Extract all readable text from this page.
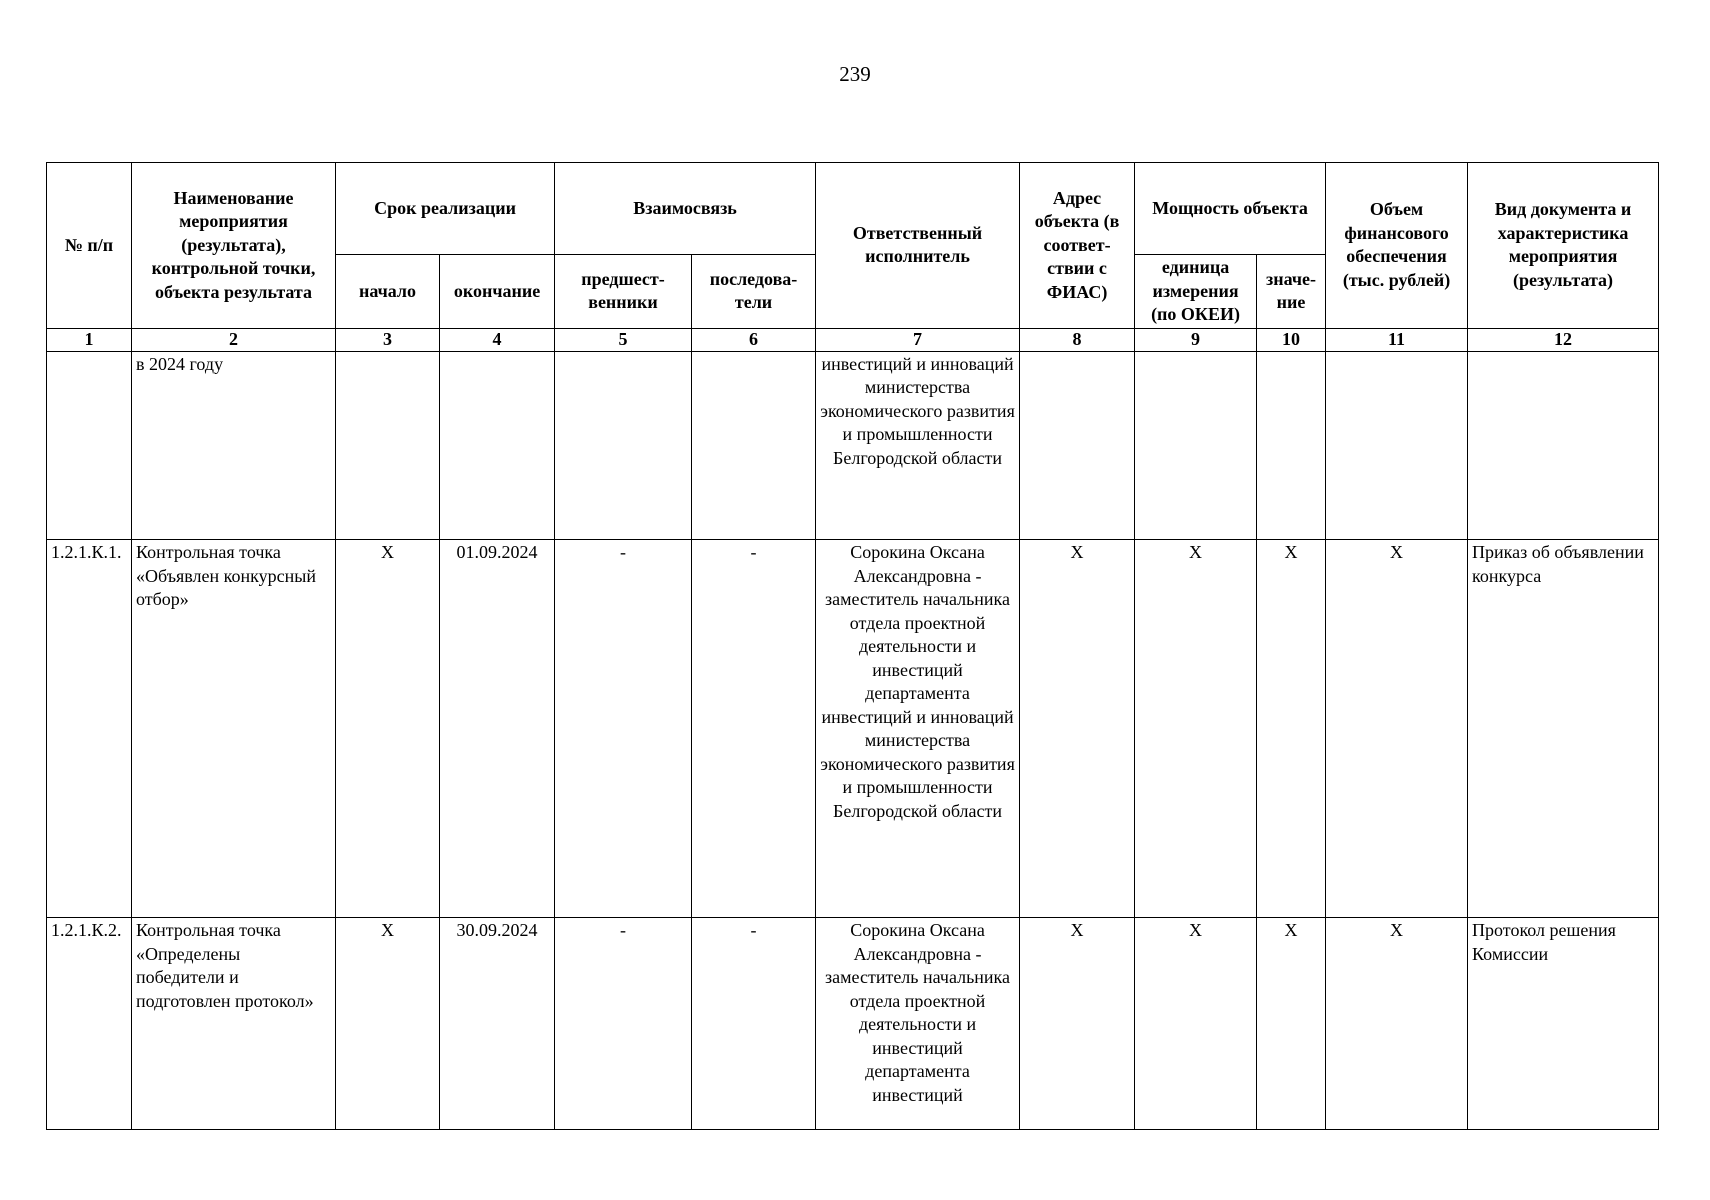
239
№ п/п	Наименование мероприятия (результата), контрольной точки, объекта результата	Срок реализации		Взаимосвязь		Ответственный исполнитель	Адрес объекта (в соответ-ствии с ФИАС)	Мощность объекта		Объем финансового обеспечения (тыс. рублей)	Вид документа и характеристика мероприятия (результата)
		начало	окончание	предшест-венники	последова-тели			единица измерения (по ОКЕИ)	значе-ние		
1	2	3	4	5	6	7	8	9	10	11	12
	в 2024 году					инвестиций и инноваций министерства экономического развития и промышленности Белгородской области					
1.2.1.К.1.	Контрольная точка «Объявлен конкурсный отбор»	X	01.09.2024	-	-	Сорокина Оксана Александровна - заместитель начальника отдела проектной деятельности и инвестиций департамента инвестиций и инноваций министерства экономического развития и промышленности Белгородской области	X	X	X	X	Приказ об объявлении конкурса
1.2.1.К.2.	Контрольная точка «Определены победители и подготовлен протокол»	X	30.09.2024	-	-	Сорокина Оксана Александровна - заместитель начальника отдела проектной деятельности и инвестиций департамента инвестиций	X	X	X	X	Протокол решения Комиссии
